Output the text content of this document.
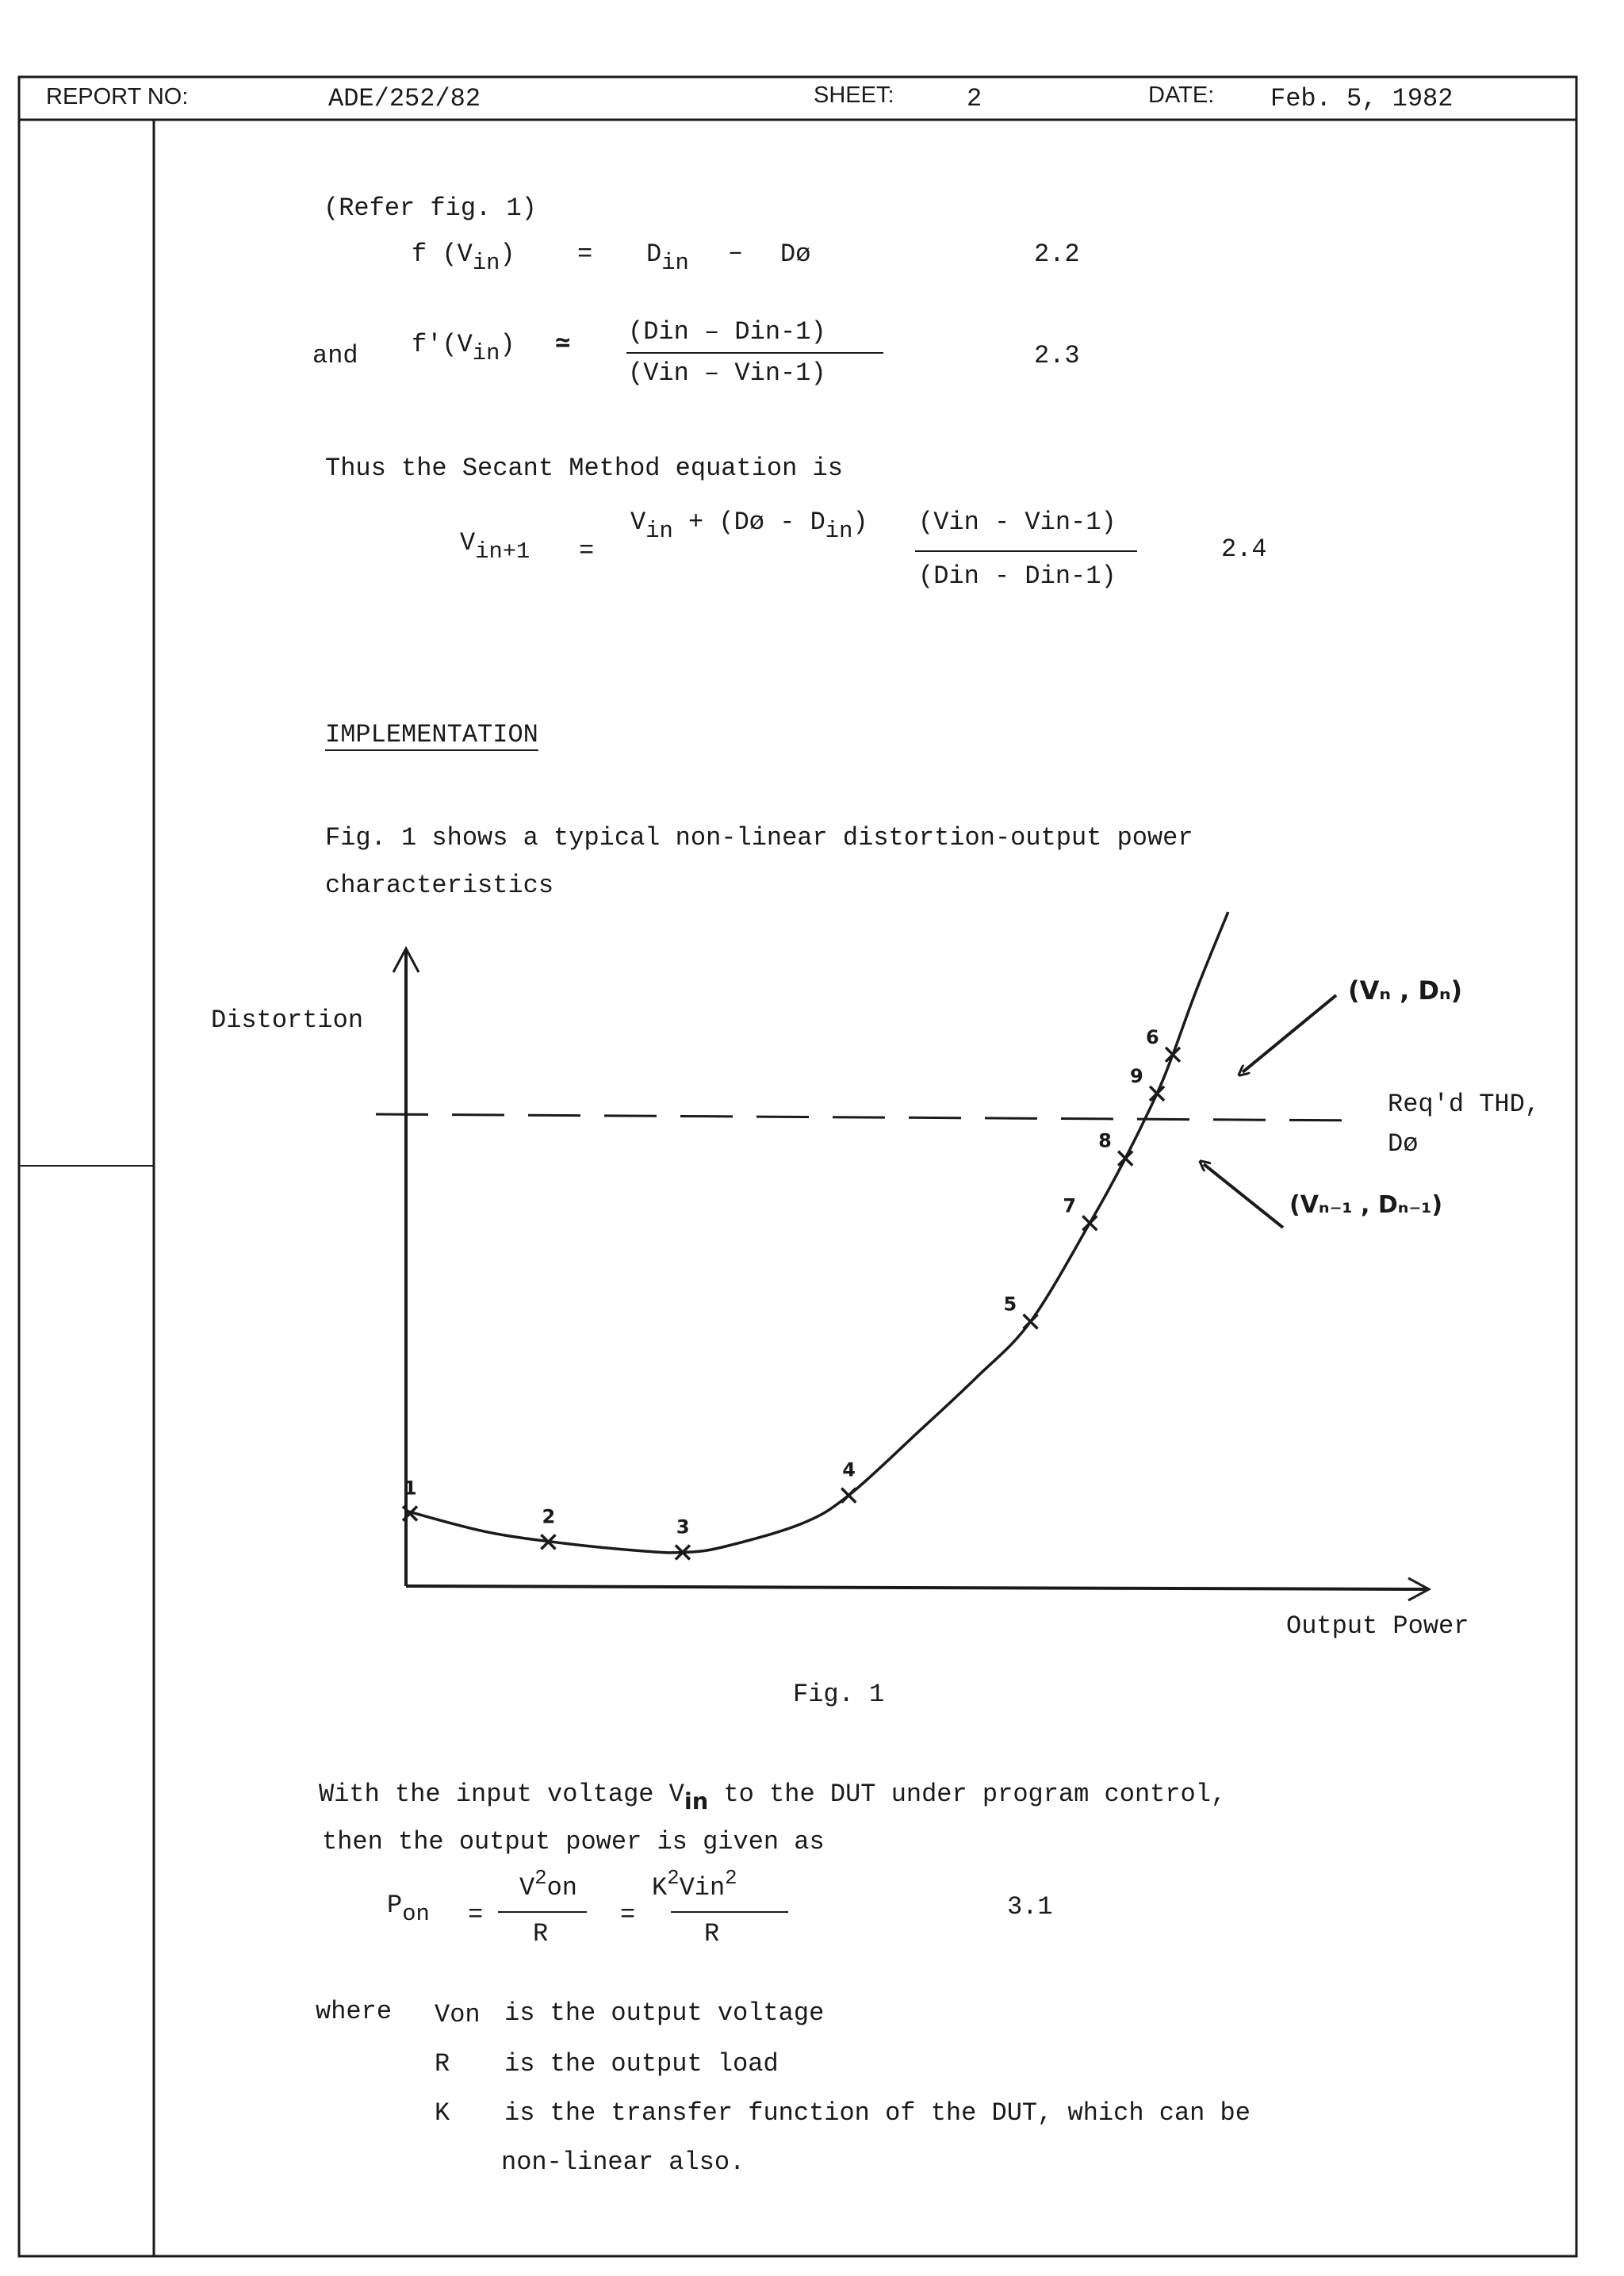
REPORT NO:	ADE/252/82	SHEET:	2	DATE: Feb. 5, 1982
(Refer fig. 1)
f $(V_{in}) = D_{in}$ – Dø	2.2
and $f'(V_{in})$ ≃ (Din – Din-1)
(Vin – Vin-1)
2.3
Thus the Secant Method equation is
$V_{in+1}$ =
$V_{in}$ + (Dø - $D_{in}$) (Vin - Vin-1)
(Din - Din-1)
2.4
IMPLEMENTATION
Fig. 1 shows a typical non-linear distortion-output power
characteristics
Distortion
Output Power
Req'd THD,
Dø
(Vₙ , Dₙ)
(Vₙ₋₁ , Dₙ₋₁)
1
2	3
4
5
7
8
9
6
Fig. 1
With the input voltage $V_{in}$ to the DUT under program control,
then the output power is given as
$P_{on}$ =
$V^2on$
R
=
$K^2Vin^2$
R
3.1
where Von is the output voltage
R is the output load
K is the transfer function of the DUT, which can be
non-linear also.
